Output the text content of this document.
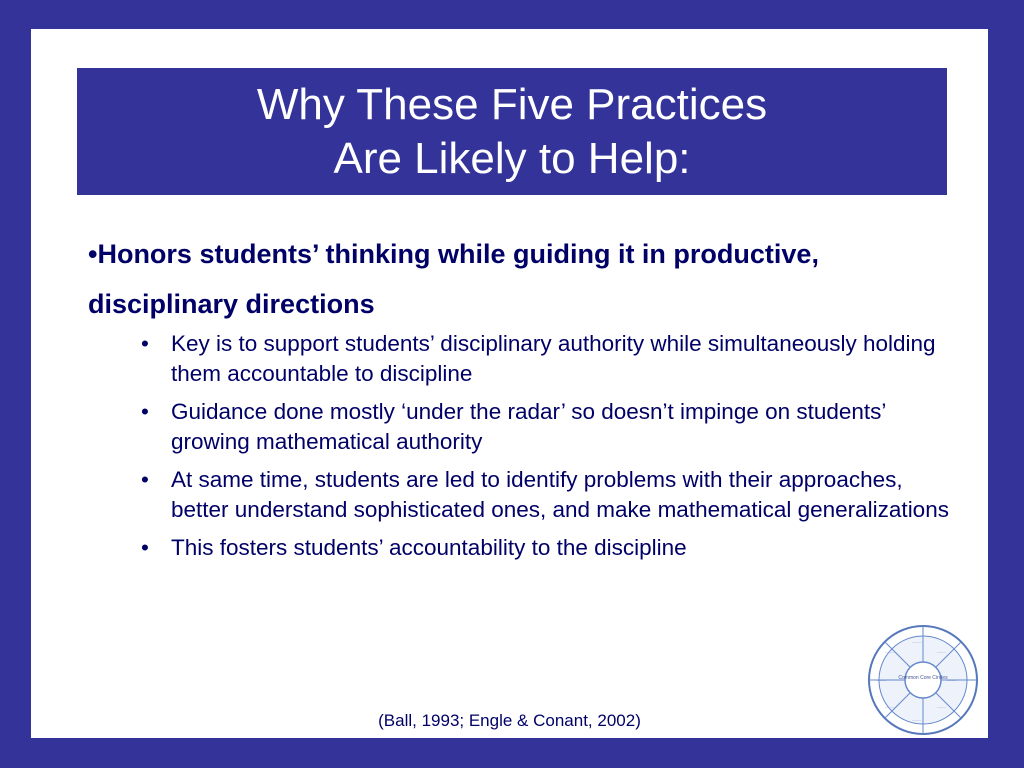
Why These Five Practices
Are Likely to Help:
•Honors students’ thinking while guiding it in productive, disciplinary directions
• Key is to support students’ disciplinary authority while simultaneously holding them accountable to discipline
• Guidance done mostly ‘under the radar’ so doesn’t impinge on students’ growing mathematical authority
• At same time, students are led to identify problems with their approaches, better understand sophisticated ones, and make mathematical generalizations
• This fosters students’ accountability to the discipline
(Ball, 1993; Engle & Conant, 2002)
~~~~
~~~~
~~~~
~~~~
~~~~
~~~~
~~~~
~~~~
Common Core Circles
